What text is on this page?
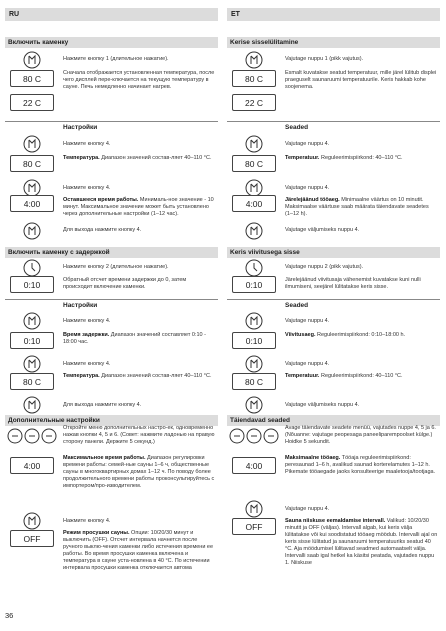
RU	ET
Включить каменку
Нажмите кнопку 1 (длительное нажатие).
80 C
Сначала отображается установленная температура, после чего дисплей пере-ключается на текущую температуру в сауне. Печь немедленно начинает нагрев.
22 C
Настройки
Нажмите кнопку 4.
80 C
Температура. Диапазон значений состав-ляет 40–110 °C.
Нажмите кнопку 4.
4:00	Оставшееся время работы. Минималь-ное значение - 10 минут. Максимальное значение может быть установлено через дополнительные настройки (1–12 час).
Для выхода нажмите кнопку 4.
Включить каменку с задержкой
Нажмите кнопку 2 (длительное нажатие).
0:10	Обратный отсчет времени задержки до 0, затем происходит включение каменки.
Настройки
Нажмите кнопку 4.
0:10
Время задержки. Диапазон значений составляет 0:10 - 18:00 час.
Нажмите кнопку 4.
80 C
Температура. Диапазон значений состав-ляет 40–110 °C.
Для выхода нажмите кнопку 4.
Дополнительные настройки
Откройте меню дополнительных настро-ек, одновременно нажав кнопки 4, 5 и 6. (Совет: нажмите ладонью на правую сторону панели. Держите 5 секунд.)
4:00
Максимальное время работы. Диапазон регулировки времени работы: семей-ные сауны 1–6 ч, общественные сауны в многоквартирных домах 1–12 ч. По поводу более продолжительного времени работы проконсультируйтесь с импортером/про-изводителем.
Нажмите кнопку 4.
OFF
Режим просушки сауны. Опции: 10/20/30 минут и выключить (OFF). Отсчет интервала начнется после ручного выклю-чения каменки либо истечения времени ее работы. Во время просушки каменка включена и температура в сауне уста-новлена в 40 °C. По истечении интервала просушки каменка отключается автома
Kerise sisselülitamine
Vajutage nuppu 1 (pikk vajutus).
80 C
Esmalt kuvatakse seatud temperatuur, mille järel lülitub displei praeguselt saunaruumi temperatuurile. Keris hakkab kohe soojenema.
22 C
Seaded
Vajutage nuppu 4.
80 C
Temperatuur. Reguleerimispiirkond: 40–110 °C.
Vajutage nuppu 4.
4:00	Järelejäänud tööaeg. Minimaalne väärtus on 10 minutit. Maksimaalse väärtuse saab määrata täiendavate seadetes (1–12 h).
Vajutage väljumiseks nuppu 4.
Keris viivitusega sisse
Vajutage nuppu 2 (pikk vajutus).
0:10	Järelejäänud viivitusaja vähenemist kuvatakse kuni nulli ilmumiseni, seejärel lülitatakse keris sisse.
Seaded
Vajutage nuppu 4.
0:10
Viivitusaeg. Reguleerimispiirkond: 0:10–18:00 h.
Vajutage nuppu 4.
80 C
Temperatuur. Reguleerimispiirkond: 40–110 °C.
Vajutage väljumiseks nuppu 4.
Täiendavad seaded
Avage täiendavate seadete menüü, vajutades nuppe 4, 5 ja 6. (Nõuanne: vajutage peopesaga paneeliparempoolset külge.) Hoidke 5 sekundit.
4:00
Maksimaalne tööaeg. Tööaja reguleerimispiirkond: peresaunad 1–6 h, avalikud saunad korterelamutes 1–12 h. Pikemate tööaegade jaoks konsulteerige maaletooja/tootjaga.
Vajutage nuppu 4.
OFF
Sauna niiskuse eemaldamise intervall. Valikud: 10/20/30 minutit ja OFF (väljas). Intervall algab, kui keris välja lülitatakse või kui soodistatud tööaeg möödub. Intervalli ajal on keris sisse lülitatud ja saunaruumi temperatuuriks seatud 40 °C. Aja möödumisel lülitavad seadmed automaatselt välja. Intervalli saab igal hetkel ka käsitsi peatada, vajutades nuppu 1. Niiskuse
36
